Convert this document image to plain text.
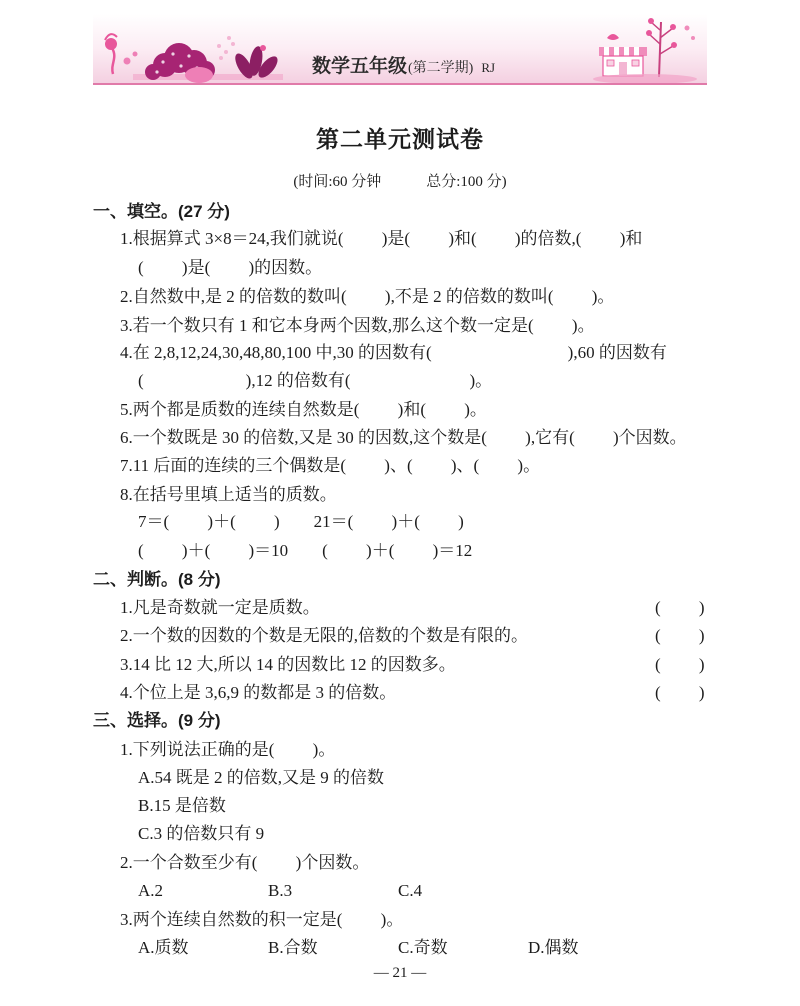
数学五年级 (第二学期) RJ
第二单元测试卷
(时间:60 分钟　　　总分:100 分)
一、填空。(27 分)
1.根据算式 3×8＝24,我们就说(　　 )是(　　 )和(　　 )的倍数,(　　 )和
(　　 )是(　　 )的因数。
2.自然数中,是 2 的倍数的数叫(　　 ),不是 2 的倍数的数叫(　　 )。
3.若一个数只有 1 和它本身两个因数,那么这个数一定是(　　 )。
4.在 2,8,12,24,30,48,80,100 中,30 的因数有(　　　　　　　　),60 的因数有
(　　　　　　),12 的倍数有(　　　　　　　)。
5.两个都是质数的连续自然数是(　　 )和(　　 )。
6.一个数既是 30 的倍数,又是 30 的因数,这个数是(　　 ),它有(　　 )个因数。
7.11 后面的连续的三个偶数是(　　 )、(　　 )、(　　 )。
8.在括号里填上适当的质数。
7＝(　　 )＋(　　 )　　21＝(　　 )＋(　　 )
(　　 )＋(　　 )＝10　　(　　 )＋(　　 )＝12
二、判断。(8 分)
1.凡是奇数就一定是质数。	(　　 )
2.一个数的因数的个数是无限的,倍数的个数是有限的。	(　　 )
3.14 比 12 大,所以 14 的因数比 12 的因数多。	(　　 )
4.个位上是 3,6,9 的数都是 3 的倍数。	(　　 )
三、选择。(9 分)
1.下列说法正确的是(　　 )。
A.54 既是 2 的倍数,又是 9 的倍数
B.15 是倍数
C.3 的倍数只有 9
2.一个合数至少有(　　 )个因数。
A.2	B.3	C.4
3.两个连续自然数的积一定是(　　 )。
A.质数	B.合数	C.奇数	D.偶数
— 21 —
